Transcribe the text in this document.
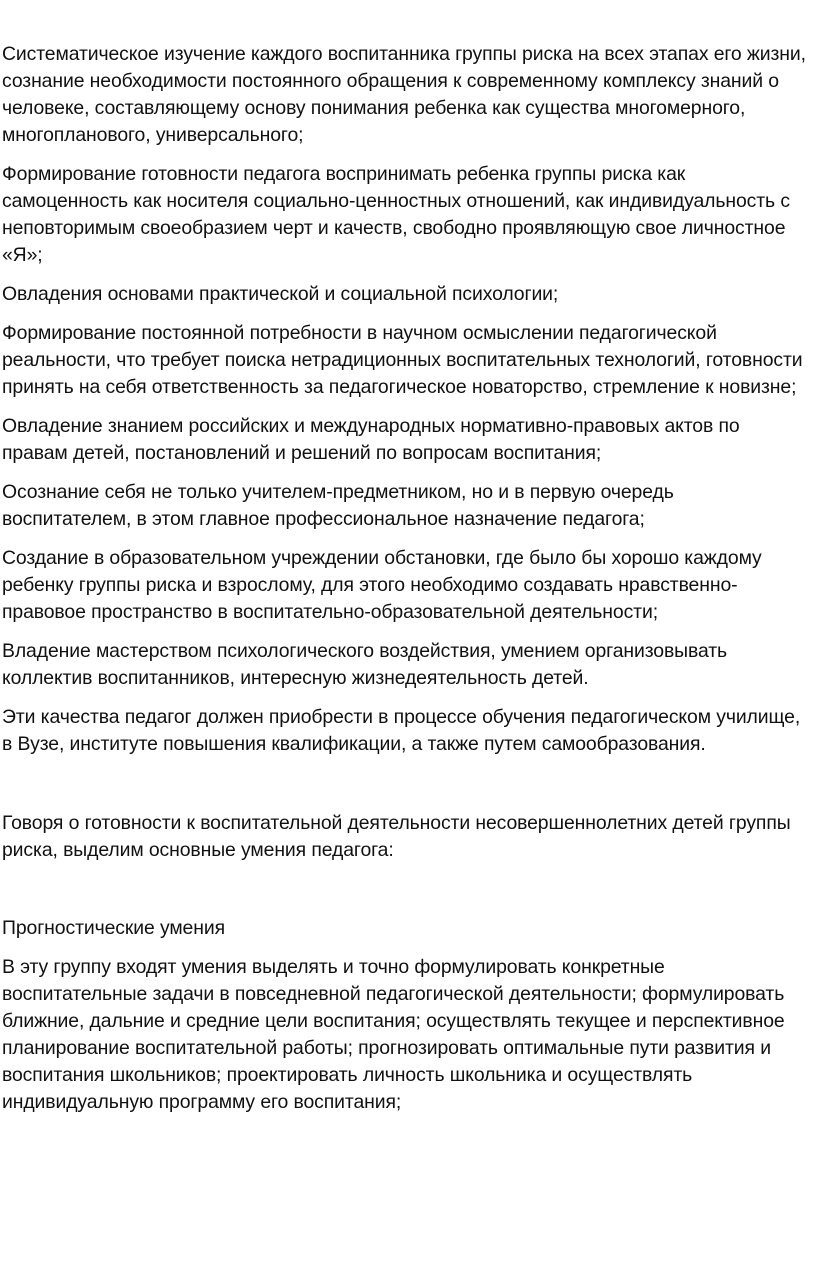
Систематическое изучение каждого воспитанника группы риска на всех этапах его жизни, сознание необходимости постоянного обращения к современному комплексу знаний о человеке, составляющему основу понимания ребенка как существа многомерного, многопланового, универсального;

Формирование готовности педагога воспринимать ребенка группы риска как самоценность как носителя социально-ценностных отношений, как индивидуальность с неповторимым своеобразием черт и качеств, свободно проявляющую свое личностное «Я»;

Овладения основами практической и социальной психологии;

Формирование постоянной потребности в научном осмыслении педагогической реальности, что требует поиска нетрадиционных воспитательных технологий, готовности принять на себя ответственность за педагогическое новаторство, стремление к новизне;

Овладение знанием российских и международных нормативно-правовых актов по правам детей, постановлений и решений по вопросам воспитания;

Осознание себя не только учителем-предметником, но и в первую очередь воспитателем, в этом главное профессиональное назначение педагога;

Создание в образовательном учреждении обстановки, где было бы хорошо каждому ребенку группы риска и взрослому, для этого необходимо создавать нравственно-правовое пространство в воспитательно-образовательной деятельности;

Владение мастерством психологического воздействия, умением организовывать коллектив воспитанников, интересную жизнедеятельность детей.

Эти качества педагог должен приобрести в процессе обучения педагогическом училище, в Вузе, институте повышения квалификации, а также путем самообразования.

Говоря о готовности к воспитательной деятельности несовершеннолетних детей группы риска, выделим основные умения педагога:

Прогностические умения

В эту группу входят умения выделять и точно формулировать конкретные воспитательные задачи в повседневной педагогической деятельности; формулировать ближние, дальние и средние цели воспитания; осуществлять текущее и перспективное планирование воспитательной работы; прогнозировать оптимальные пути развития и воспитания школьников; проектировать личность школьника и осуществлять индивидуальную программу его воспитания;
